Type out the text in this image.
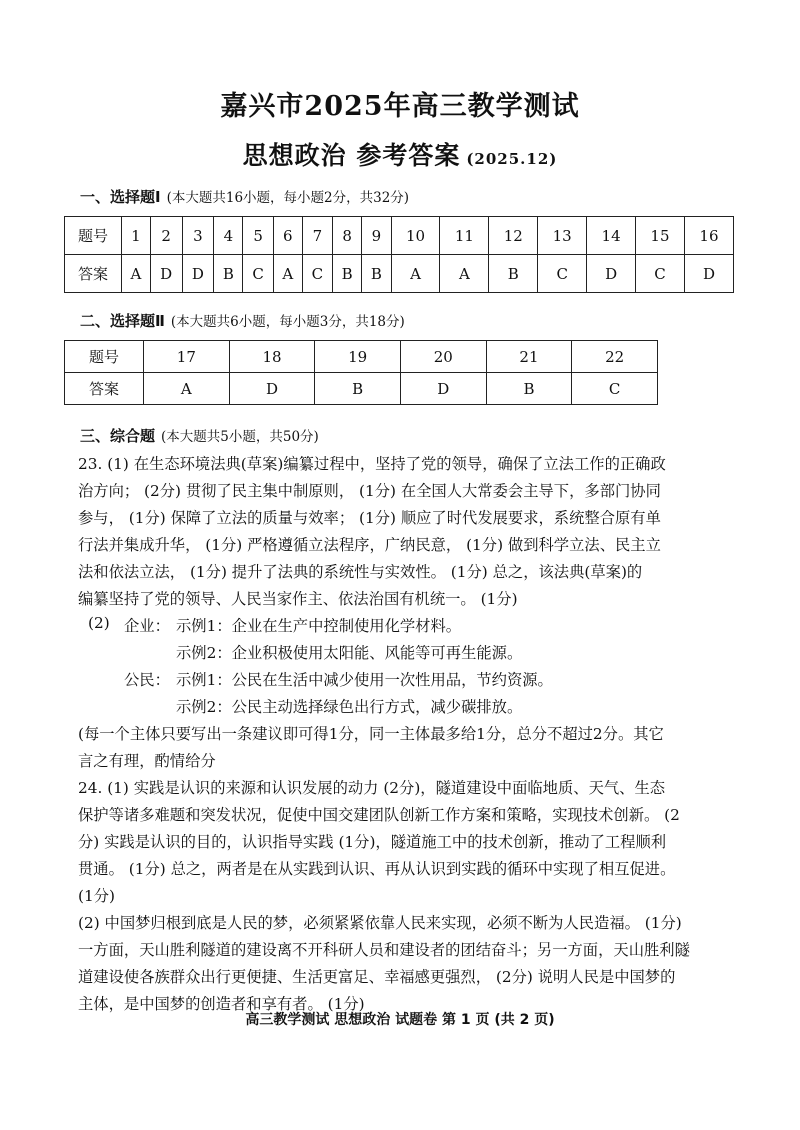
嘉兴市2025年高三教学测试
思想政治 参考答案 (2025.12)
一、选择题Ⅰ (本大题共16小题，每小题2分，共32分)
题号	1	2	3	4	5	6	7	8	9	10	11	12	13	14	15	16
答案	A	D	D	B	C	A	C	B	B	A	A	B	C	D	C	D
二、选择题Ⅱ (本大题共6小题，每小题3分，共18分)
题号	17	18	19	20	21	22
答案	A	D	B	D	B	C
三、综合题 (本大题共5小题，共50分)
23. (1) 在生态环境法典(草案)编纂过程中，坚持了党的领导，确保了立法工作的正确政
治方向； (2分) 贯彻了民主集中制原则， (1分) 在全国人大常委会主导下，多部门协同
参与， (1分) 保障了立法的质量与效率； (1分) 顺应了时代发展要求，系统整合原有单
行法并集成升华， (1分) 严格遵循立法程序，广纳民意， (1分) 做到科学立法、民主立
法和依法立法， (1分) 提升了法典的系统性与实效性。 (1分) 总之，该法典(草案)的
编纂坚持了党的领导、人民当家作主、依法治国有机统一。 (1分)
(2) 企业： 示例1：企业在生产中控制使用化学材料。
示例2：企业积极使用太阳能、风能等可再生能源。
公民： 示例1：公民在生活中减少使用一次性用品，节约资源。
示例2：公民主动选择绿色出行方式，减少碳排放。
(每一个主体只要写出一条建议即可得1分，同一主体最多给1分，总分不超过2分。其它
言之有理，酌情给分
24. (1) 实践是认识的来源和认识发展的动力 (2分)，隧道建设中面临地质、天气、生态
保护等诸多难题和突发状况，促使中国交建团队创新工作方案和策略，实现技术创新。 (2
分) 实践是认识的目的，认识指导实践 (1分)，隧道施工中的技术创新，推动了工程顺利
贯通。 (1分) 总之，两者是在从实践到认识、再从认识到实践的循环中实现了相互促进。
(1分)
(2) 中国梦归根到底是人民的梦，必须紧紧依靠人民来实现，必须不断为人民造福。 (1分)
一方面，天山胜利隧道的建设离不开科研人员和建设者的团结奋斗；另一方面，天山胜利隧
道建设使各族群众出行更便捷、生活更富足、幸福感更强烈， (2分) 说明人民是中国梦的
主体，是中国梦的创造者和享有者。 (1分)
高三教学测试 思想政治 试题卷 第 1 页 (共 2 页)
